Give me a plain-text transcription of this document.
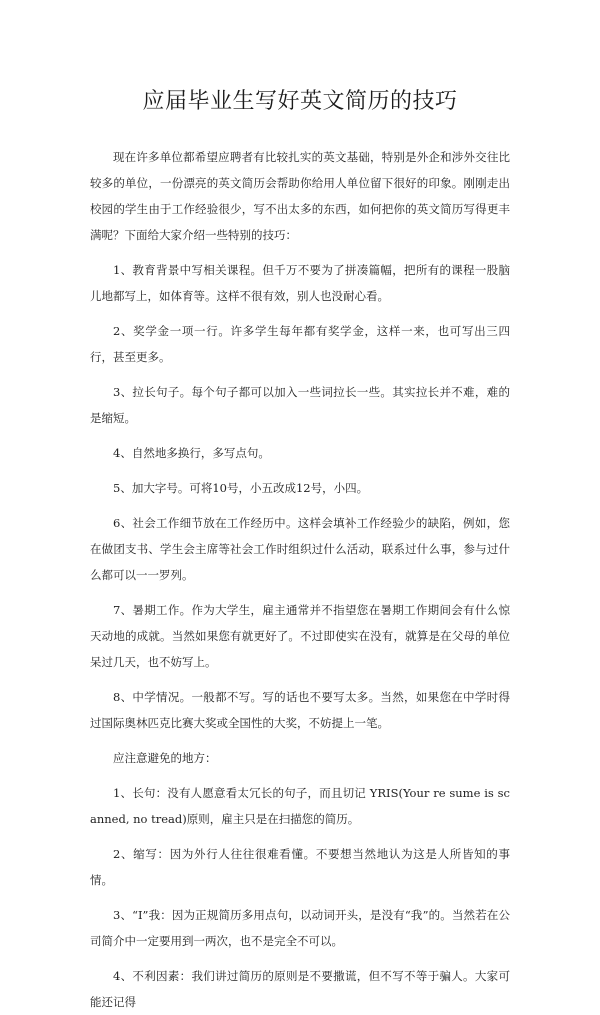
应届毕业生写好英文简历的技巧

现在许多单位都希望应聘者有比较扎实的英文基础，特别是外企和涉外交往比较多的单位，一份漂亮的英文简历会帮助你给用人单位留下很好的印象。刚刚走出校园的学生由于工作经验很少，写不出太多的东西，如何把你的英文简历写得更丰满呢？下面给大家介绍一些特别的技巧：

1、教育背景中写相关课程。但千万不要为了拼凑篇幅，把所有的课程一股脑儿地都写上，如体育等。这样不很有效，别人也没耐心看。

2、奖学金一项一行。许多学生每年都有奖学金，这样一来，也可写出三四行，甚至更多。

3、拉长句子。每个句子都可以加入一些词拉长一些。其实拉长并不难，难的是缩短。

4、自然地多换行，多写点句。

5、加大字号。可将10号，小五改成12号，小四。

6、社会工作细节放在工作经历中。这样会填补工作经验少的缺陷，例如，您在做团支书、学生会主席等社会工作时组织过什么活动，联系过什么事，参与过什么都可以一一罗列。

7、暑期工作。作为大学生，雇主通常并不指望您在暑期工作期间会有什么惊天动地的成就。当然如果您有就更好了。不过即使实在没有，就算是在父母的单位呆过几天，也不妨写上。

8、中学情况。一般都不写。写的话也不要写太多。当然，如果您在中学时得过国际奥林匹克比赛大奖或全国性的大奖，不妨提上一笔。

应注意避免的地方：

1、长句：没有人愿意看太冗长的句子，而且切记 YRIS(Your re sume is scanned, no tread)原则，雇主只是在扫描您的简历。

2、缩写：因为外行人往往很难看懂。不要想当然地认为这是人所皆知的事情。

3、“I”我：因为正规简历多用点句，以动词开头，是没有“我”的。当然若在公司简介中一定要用到一两次，也不是完全不可以。

4、不利因素：我们讲过简历的原则是不要撒谎，但不写不等于骗人。大家可能还记得
